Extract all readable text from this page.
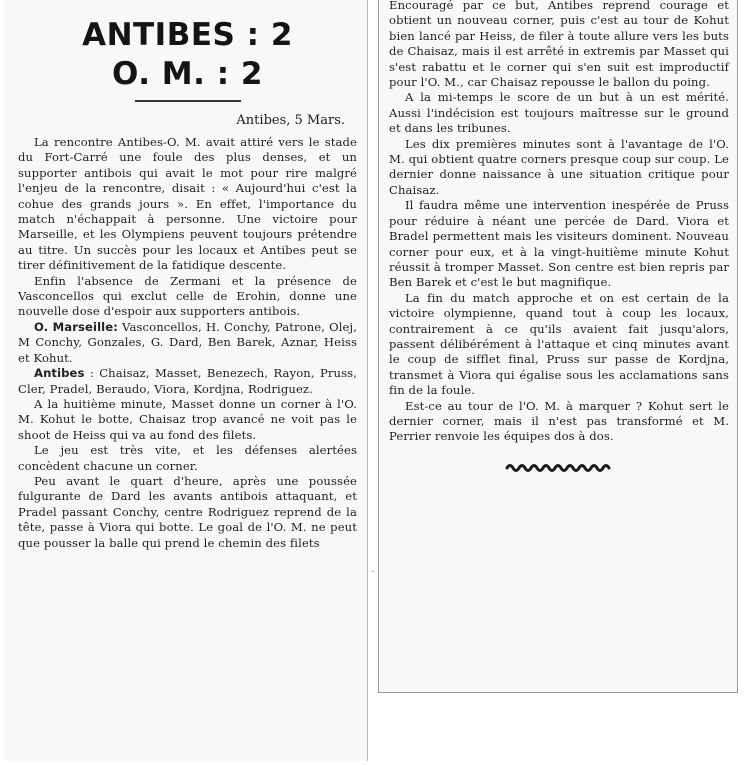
ANTIBES : 2
O. M. : 2
Antibes, 5 Mars.

La rencontre Antibes-O. M. avait attiré vers le stade du Fort-Carré une foule des plus denses, et un supporter antibois qui avait le mot pour rire malgré l'enjeu de la rencontre, disait : « Aujourd'hui c'est la cohue des grands jours ». En effet, l'importance du match n'échappait à personne. Une victoire pour Marseille, et les Olympiens peuvent toujours prétendre au titre. Un succès pour les locaux et Antibes peut se tirer définitivement de la fatidique descente.

Enfin l'absence de Zermani et la présence de Vasconcellos qui exclut celle de Erohin, donne une nouvelle dose d'espoir aux supporters antibois.

O. Marseille: Vasconcellos, H. Conchy, Patrone, Olej, M Conchy, Gonzales, G. Dard, Ben Barek, Aznar, Heiss et Kohut.

Antibes : Chaisaz, Masset, Benezech, Rayon, Pruss, Cler, Pradel, Beraudo, Viora, Kordjna, Rodriguez.

A la huitième minute, Masset donne un corner à l'O. M. Kohut le botte, Chaisaz trop avancé ne voit pas le shoot de Heiss qui va au fond des filets.

Le jeu est très vite, et les défenses alertées concèdent chacune un corner.

Peu avant le quart d'heure, après une poussée fulgurante de Dard les avants antibois attaquant, et Pradel passant Conchy, centre Rodriguez reprend de la tête, passe à Viora qui botte. Le goal de l'O. M. ne peut que pousser la balle qui prend le chemin des filets

·

Encouragé par ce but, Antibes reprend courage et obtient un nouveau corner, puis c'est au tour de Kohut bien lancé par Heiss, de filer à toute allure vers les buts de Chaisaz, mais il est arrêté in extremis par Masset qui s'est rabattu et le corner qui s'en suit est improductif pour l'O. M., car Chaisaz repousse le ballon du poing.

A la mi-temps le score de un but à un est mérité. Aussi l'indécision est toujours maîtresse sur le ground et dans les tribunes.

Les dix premières minutes sont à l'avantage de l'O. M. qui obtient quatre corners presque coup sur coup. Le dernier donne naissance à une situation critique pour Chaisaz.

Il faudra même une intervention inespérée de Pruss pour réduire à néant une percée de Dard. Viora et Bradel permettent mais les visiteurs dominent. Nouveau corner pour eux, et à la vingt-huitième minute Kohut réussit à tromper Masset. Son centre est bien repris par Ben Barek et c'est le but magnifique.

La fin du match approche et on est certain de la victoire olympienne, quand tout à coup les locaux, contrairement à ce qu'ils avaient fait jusqu'alors, passent délibérément à l'attaque et cinq minutes avant le coup de sifflet final, Pruss sur passe de Kordjna, transmet à Viora qui égalise sous les acclamations sans fin de la foule.

Est-ce au tour de l'O. M. à marquer ? Kohut sert le dernier corner, mais il n'est pas transformé et M. Perrier renvoie les équipes dos à dos.
